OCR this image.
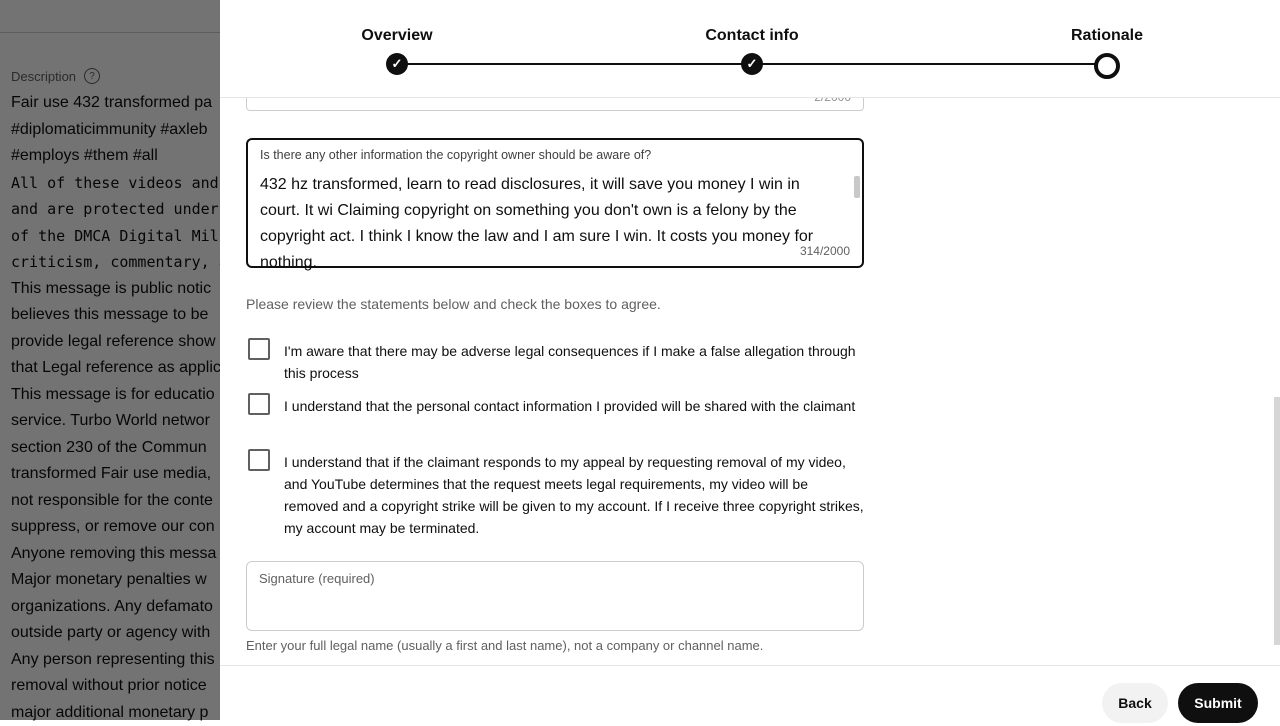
Overview
✓
Contact info
✓
Rationale
Is there any other information the copyright owner should be aware of?
432 hz transformed, learn to read disclosures, it will save you money I win in court. It wi Claiming copyright on something you don't own is a felony by the copyright act. I think I know the law and I am sure I win. It costs you money for nothing.
314/2000
Please review the statements below and check the boxes to agree.
I'm aware that there may be adverse legal consequences if I make a false allegation through this process
I understand that the personal contact information I provided will be shared with the claimant
I understand that if the claimant responds to my appeal by requesting removal of my video, and YouTube determines that the request meets legal requirements, my video will be removed and a copyright strike will be given to my account. If I receive three copyright strikes, my account may be terminated.
Signature (required)
Enter your full legal name (usually a first and last name), not a company or channel name.
Back	Submit
